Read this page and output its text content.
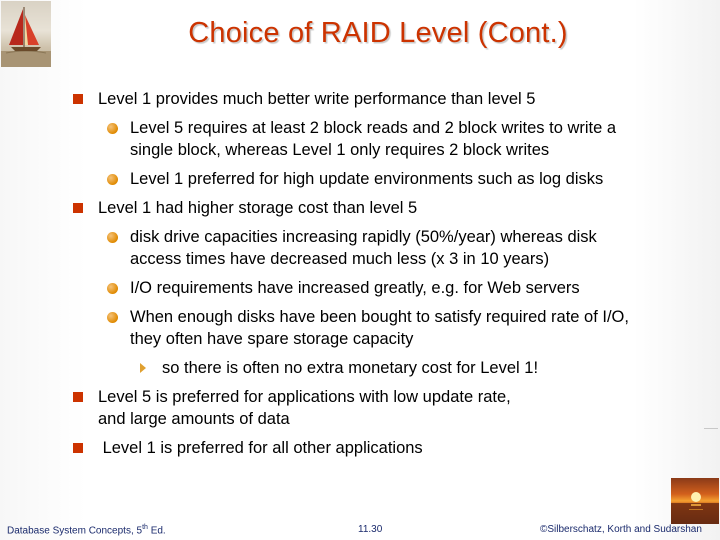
Choice of RAID Level (Cont.)
Level 1 provides much better write performance than level 5
Level 5 requires at least 2 block reads and 2 block writes to write a
single block, whereas Level 1 only requires 2 block writes
Level 1 preferred for high update environments such as log disks
Level 1 had higher storage cost than level 5
disk drive capacities increasing rapidly (50%/year) whereas disk
access times have decreased much less (x 3 in 10 years)
I/O requirements have increased greatly, e.g. for Web servers
When enough disks have been bought to satisfy required rate of I/O,
they often have spare storage capacity
so there is often no extra monetary cost for Level 1!
Level 5 is preferred for applications with low update rate,
and large amounts of data
Level 1 is preferred for all other applications
Database System Concepts, 5th Ed.	11.30	©Silberschatz, Korth and Sudarshan
